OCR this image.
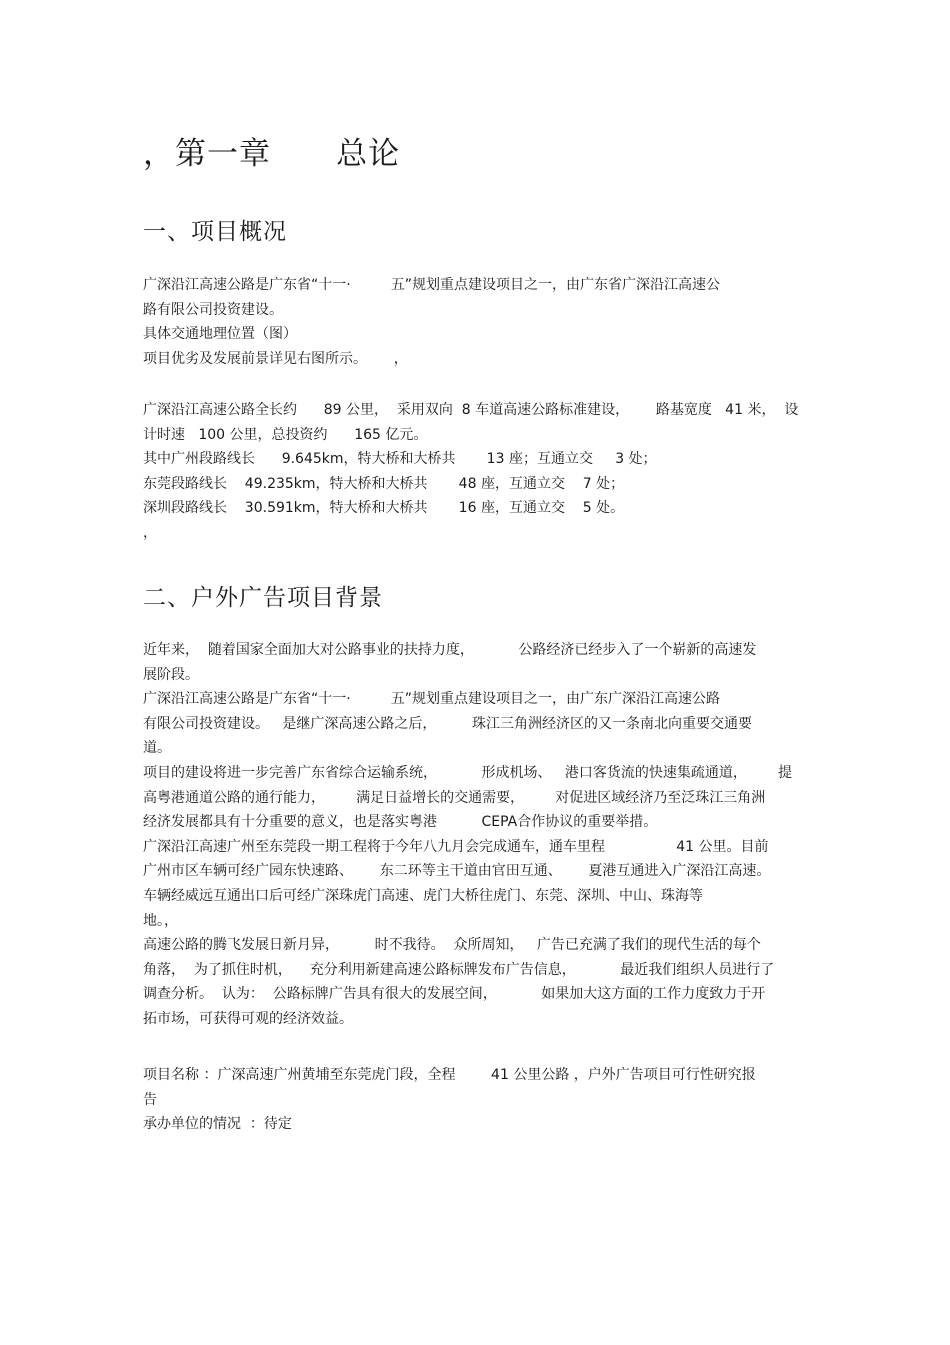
，第一章      总论
一、项目概况
广深沿江高速公路是广东省“十一·         五”规划重点建设项目之一，由广东省广深沿江高速公
路有限公司投资建设。
具体交通地理位置（图）
项目优劣及发展前景详见右图所示。      ，
广深沿江高速公路全长约      89 公里，  采用双向  8 车道高速公路标准建设，      路基宽度   41 米，  设
计时速   100 公里，总投资约      165 亿元。
其中广州段路线长      9.645km，特大桥和大桥共       13 座；互通立交     3 处；
东莞段路线长    49.235km，特大桥和大桥共       48 座，互通立交    7 处；
深圳段路线长    30.591km，特大桥和大桥共       16 座，互通立交    5 处。
，
二、户外广告项目背景
近年来，  随着国家全面加大对公路事业的扶持力度，          公路经济已经步入了一个崭新的高速发
展阶段。
广深沿江高速公路是广东省“十一·         五”规划重点建设项目之一，由广东广深沿江高速公路
有限公司投资建设。   是继广深高速公路之后，        珠江三角洲经济区的又一条南北向重要交通要
道。
项目的建设将进一步完善广东省综合运输系统，          形成机场、   港口客货流的快速集疏通道，       提
高粤港通道公路的通行能力，       满足日益增长的交通需要，       对促进区域经济乃至泛珠江三角洲
经济发展都具有十分重要的意义，也是落实粤港          CEPA合作协议的重要举措。
广深沿江高速广州至东莞段一期工程将于今年八九月会完成通车，通车里程                41 公里。目前
广州市区车辆可经广园东快速路、      东二环等主干道由官田互通、      夏港互通进入广深沿江高速。
车辆经威远互通出口后可经广深珠虎门高速、虎门大桥往虎门、东莞、深圳、中山、珠海等
地。，
高速公路的腾飞发展日新月异，        时不我待。  众所周知，   广告已充满了我们的现代生活的每个
角落，  为了抓住时机，    充分利用新建高速公路标牌发布广告信息，          最近我们组织人员进行了
调查分析。  认为：  公路标牌广告具有很大的发展空间，          如果加大这方面的工作力度致力于开
拓市场，可获得可观的经济效益。
项目名称 ：广深高速广州黄埔至东莞虎门段，全程        41 公里公路 ，户外广告项目可行性研究报
告
承办单位的情况  ：待定
